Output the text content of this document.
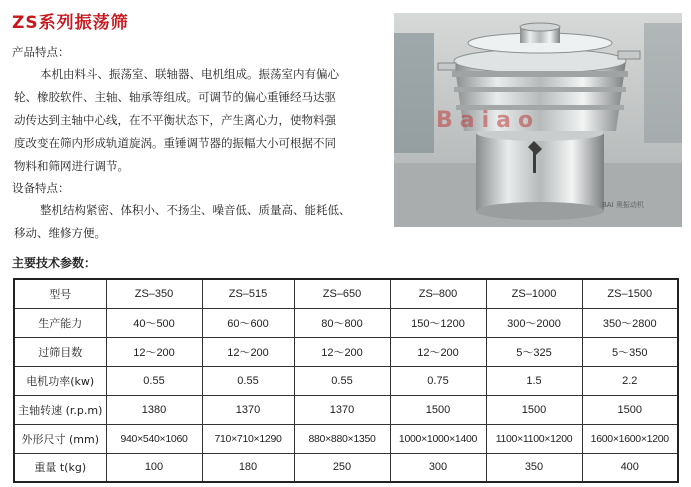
ZS系列振荡筛
产品特点：
本机由料斗、振荡室、联轴器、电机组成。振荡室内有偏心
轮、橡胶软件、主轴、轴承等组成。可调节的偏心重锤经马达驱
动传达到主轴中心线，在不平衡状态下，产生离心力，使物料强
度改变在筛内形成轨道旋涡。重锤调节器的振幅大小可根据不同
物料和筛网进行调节。
设备特点：
整机结构紧密、体积小、不扬尘、噪音低、质量高、能耗低、
移动、维修方便。
Baiao
BAI 奥振动机
主要技术参数：
型号	ZS–350	ZS–515	ZS–650	ZS–800	ZS–1000	ZS–1500
生产能力	40～500	60～600	80～800	150～1200	300～2000	350～2800
过筛目数	12～200	12～200	12～200	12～200	5～325	5～350
电机功率(kw)	0.55	0.55	0.55	0.75	1.5	2.2
主轴转速 (r.p.m)	1380	1370	1370	1500	1500	1500
外形尺寸 (mm)	940×540×1060	710×710×1290	880×880×1350	1000×1000×1400	1100×1100×1200	1600×1600×1200
重量 t(kg)	100	180	250	300	350	400
